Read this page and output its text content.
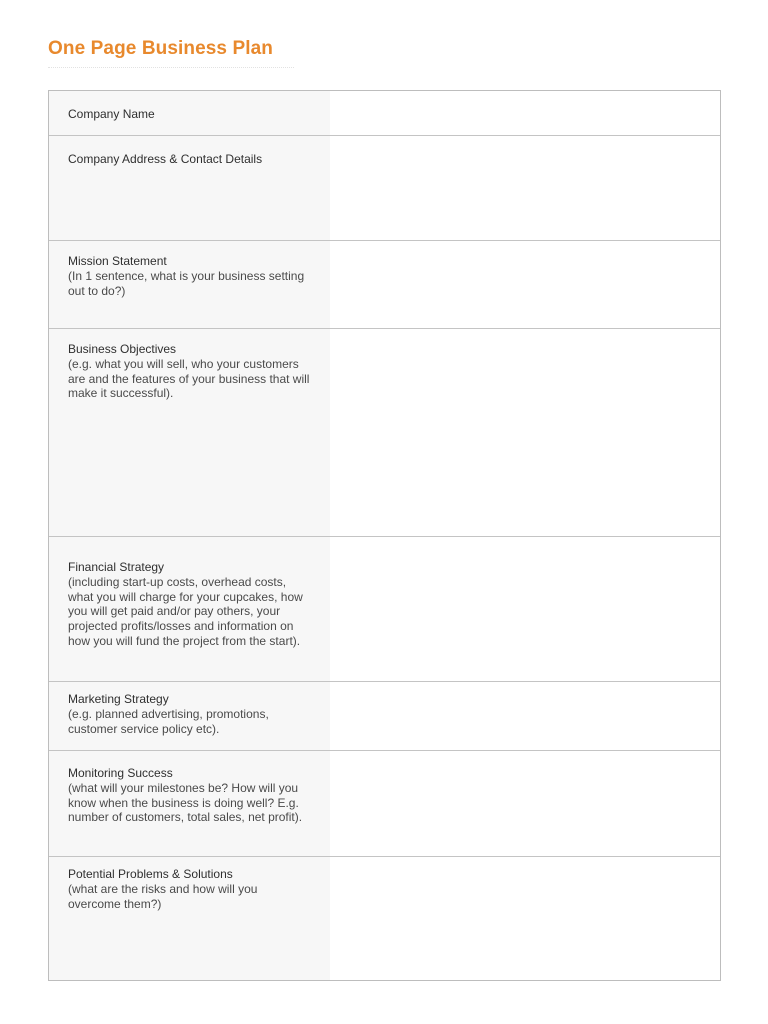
One Page Business Plan
Company Name
Company Address & Contact Details
Mission Statement
(In 1 sentence, what is your business setting out to do?)
Business Objectives
(e.g. what you will sell, who your customers are and the features of your business that will make it successful).
Financial Strategy
(including start-up costs, overhead costs, what you will charge for your cupcakes, how you will get paid and/or pay others, your projected profits/losses and information on how you will fund the project from the start).
Marketing Strategy
(e.g. planned advertising, promotions, customer service policy etc).
Monitoring Success
(what will your milestones be? How will you know when the business is doing well? E.g. number of customers, total sales, net profit).
Potential Problems & Solutions
(what are the risks and how will you overcome them?)
